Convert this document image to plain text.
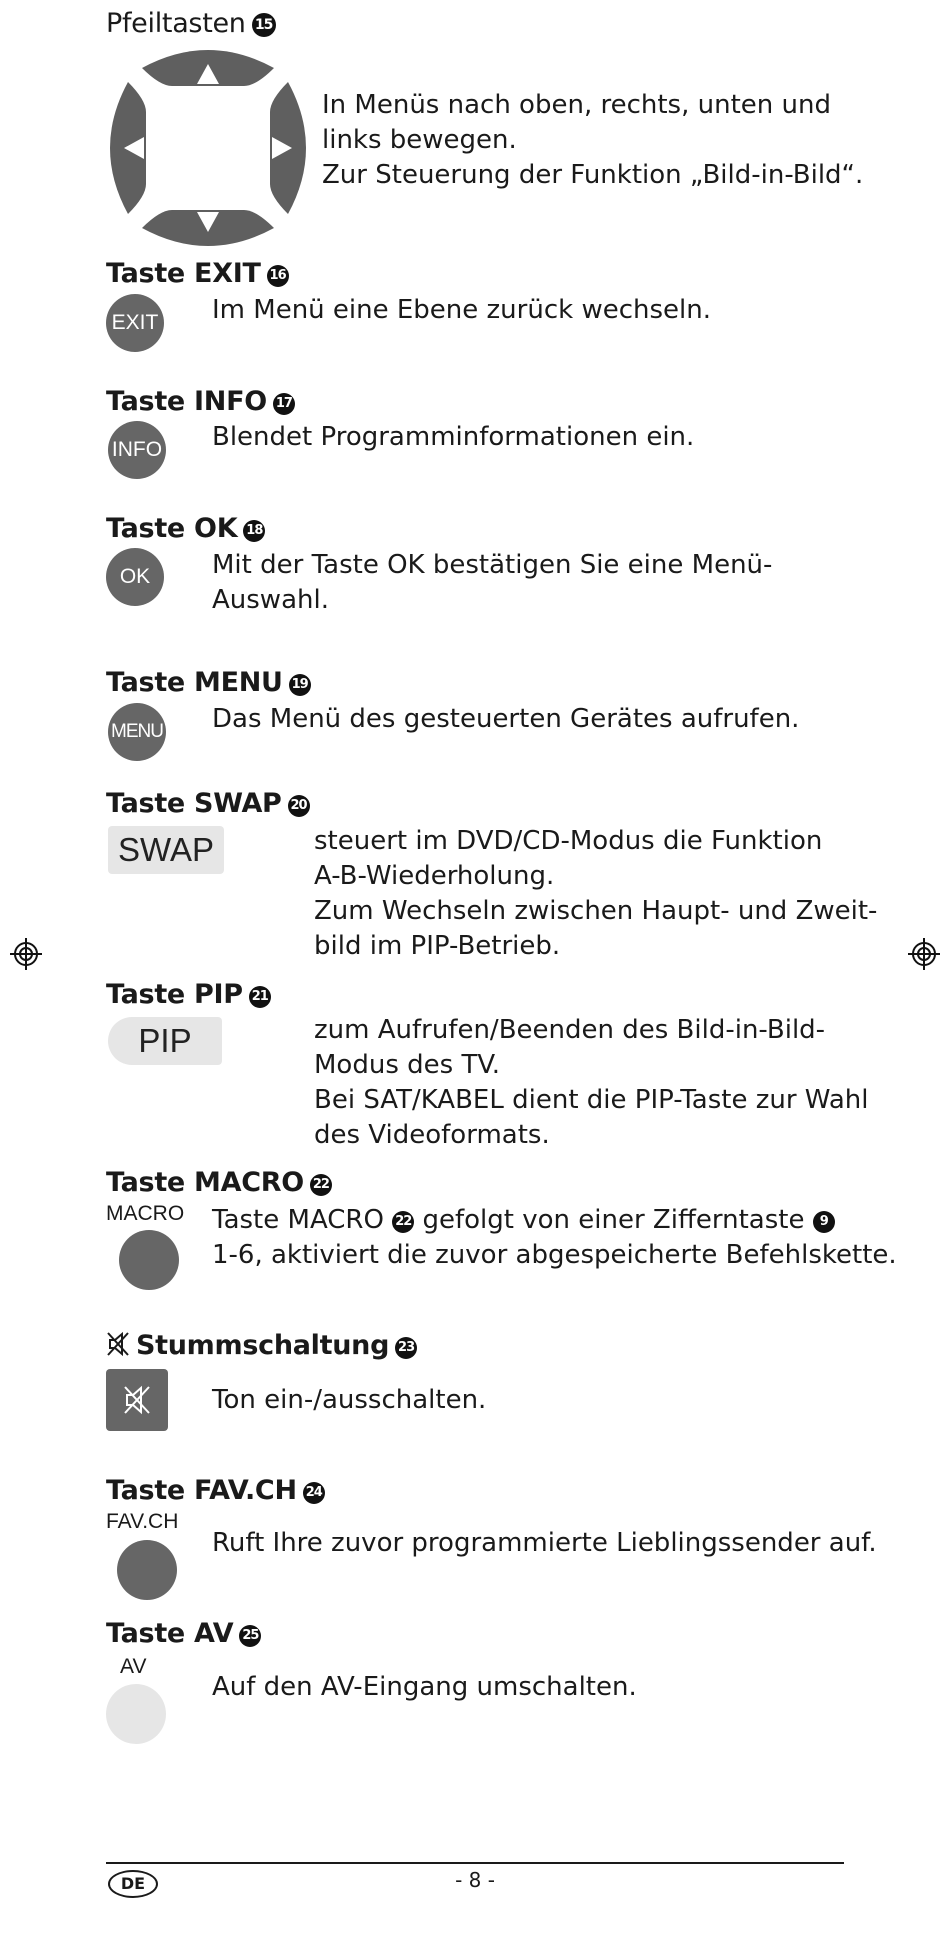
Pfeiltasten 15
In Menüs nach oben, rechts, unten und
links bewegen.
Zur Steuerung der Funktion „Bild-in-Bild“.
Taste EXIT 16
EXIT Im Menü eine Ebene zurück wechseln.
Taste INFO 17
INFO Blendet Programminformationen ein.
Taste OK 18
OK	Mit der Taste OK bestätigen Sie eine Menü-
Auswahl.
Taste MENU 19
MENU Das Menü des gesteuerten Gerätes aufrufen.
Taste SWAP 20
SWAP	steuert im DVD/CD-Modus die Funktion
A-B-Wiederholung.
Zum Wechseln zwischen Haupt- und Zweit-
bild im PIP-Betrieb.
Taste PIP 21
PIP	zum Aufrufen/Beenden des Bild-in-Bild-
Modus des TV.
Bei SAT/KABEL dient die PIP-Taste zur Wahl
des Videoformats.
Taste MACRO 22
MACRO Taste MACRO 22 gefolgt von einer Zifferntaste 9
1-6, aktiviert die zuvor abgespeicherte Befehlskette.
Stummschaltung 23
Ton ein-/ausschalten.
Taste FAV.CH 24
FAV.CH
Ruft Ihre zuvor programmierte Lieblingssender auf.
Taste AV 25
AV
Auf den AV-Eingang umschalten.
DE	- 8 -
